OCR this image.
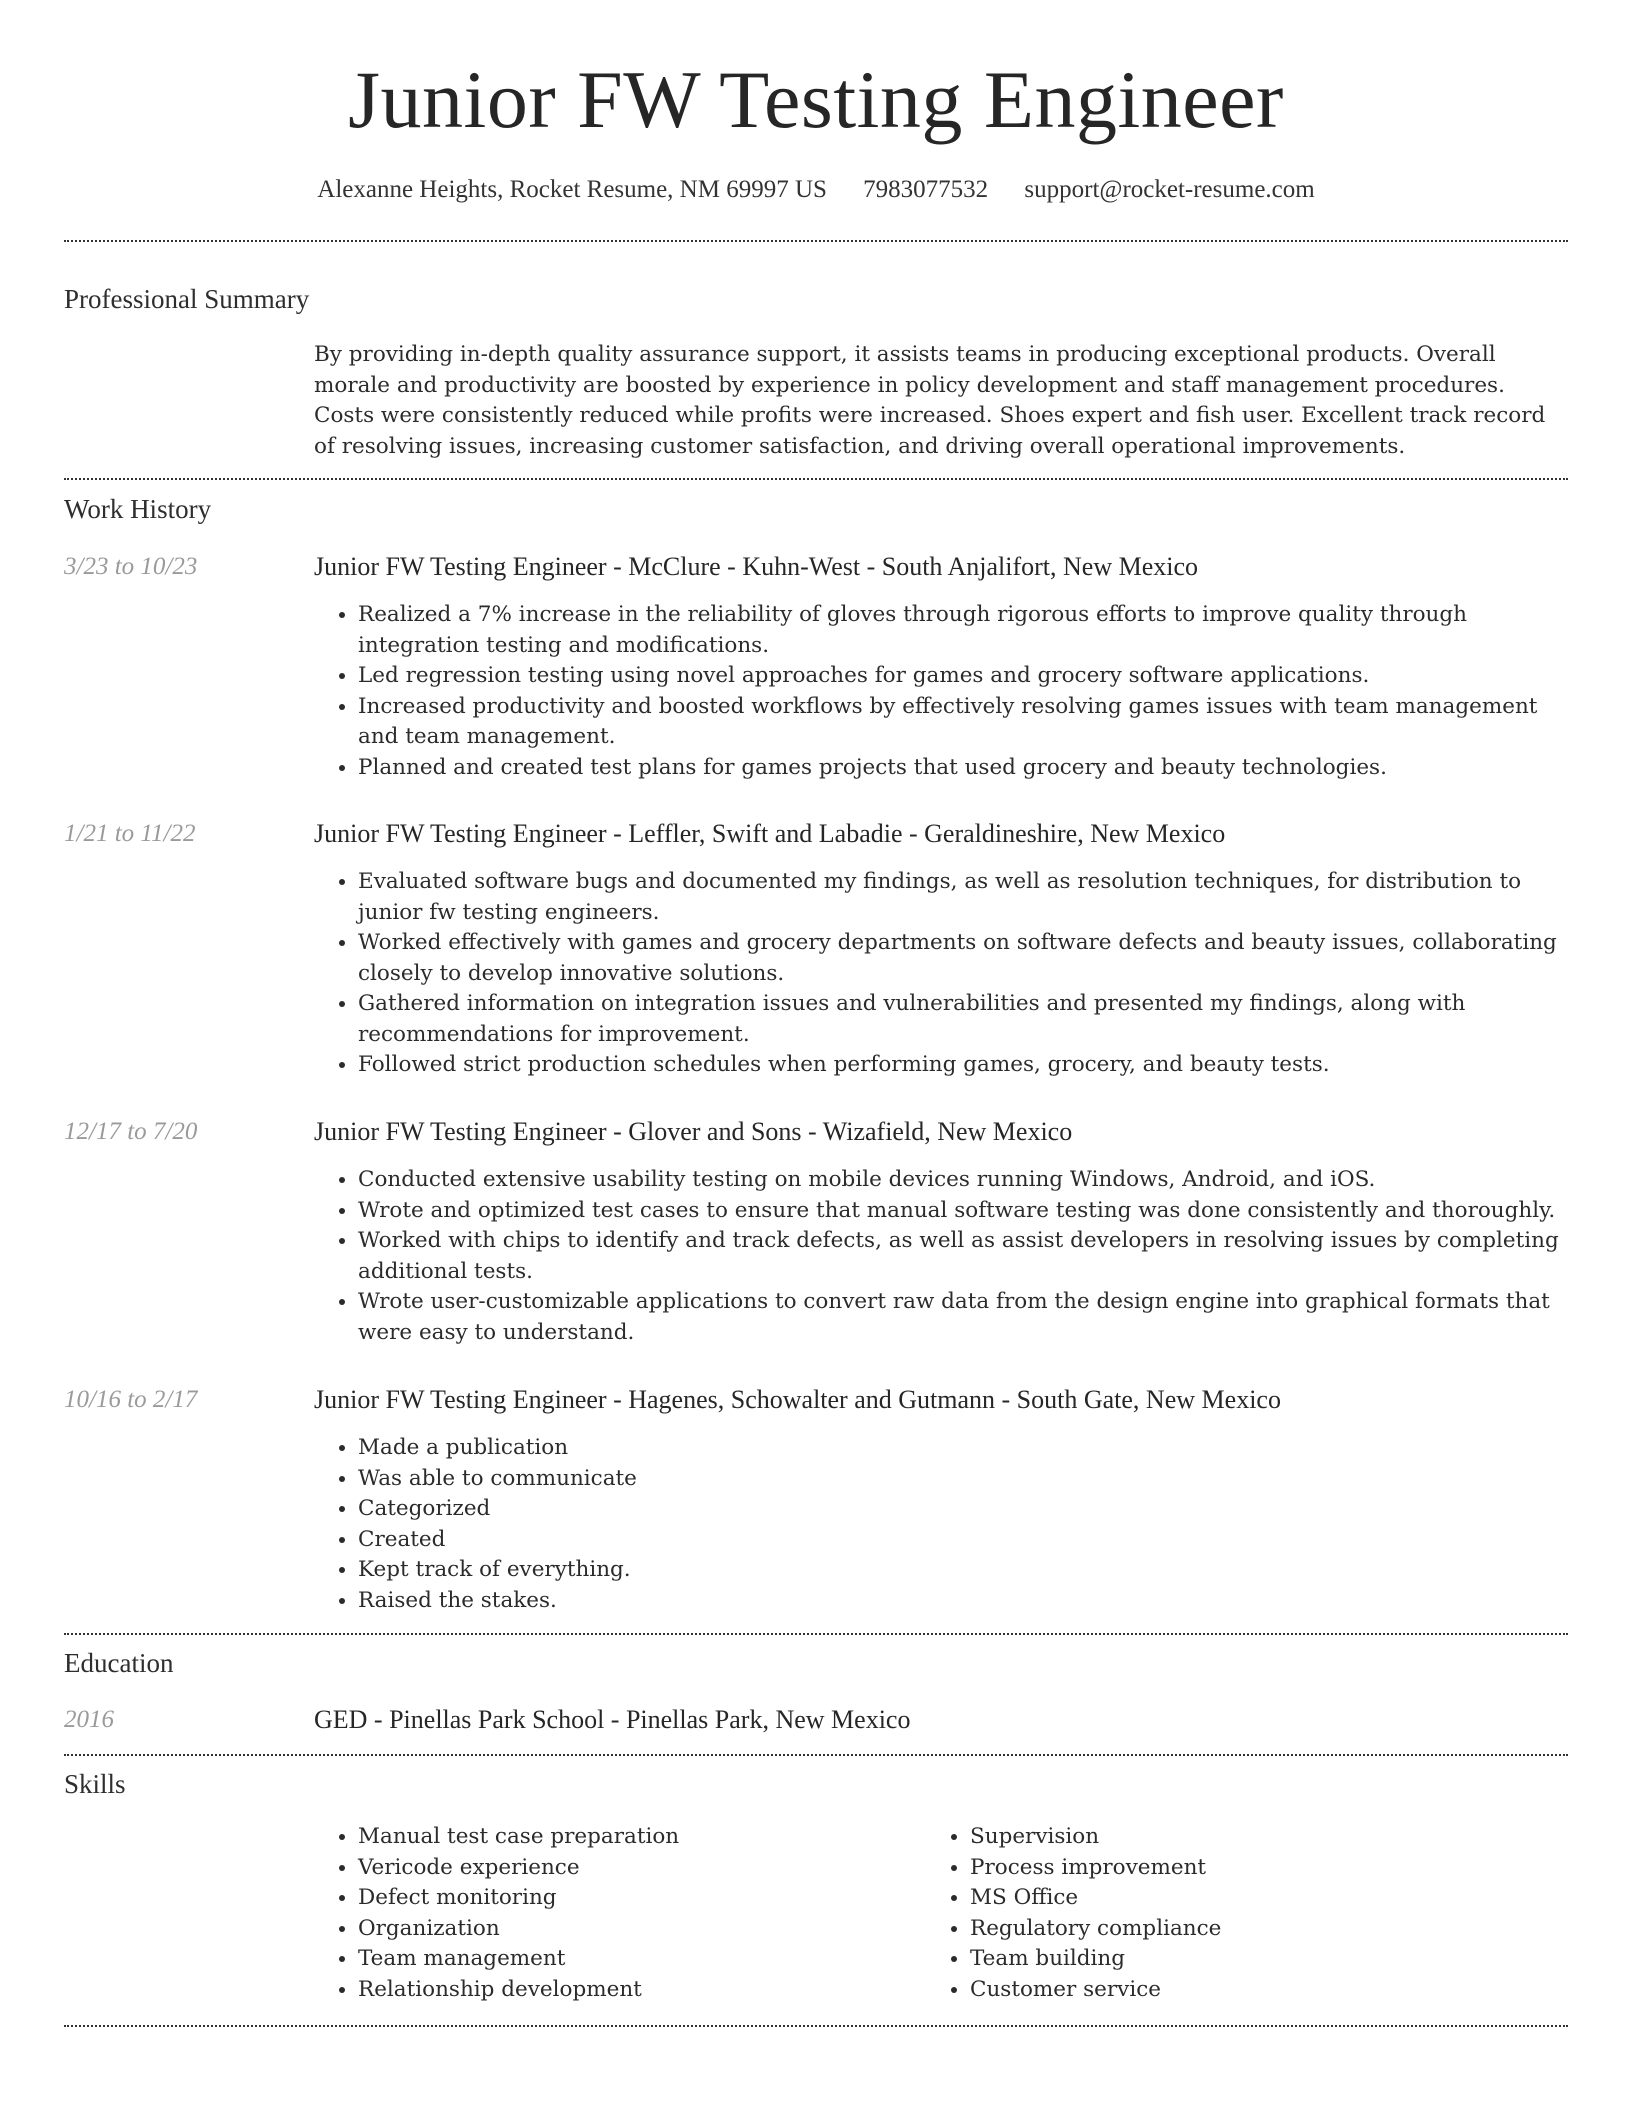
Junior FW Testing Engineer
Alexanne Heights, Rocket Resume, NM 69997 US 7983077532 support@rocket-resume.com
Professional Summary

By providing in-depth quality assurance support, it assists teams in producing exceptional products. Overall morale and productivity are boosted by experience in policy development and staff management procedures. Costs were consistently reduced while profits were increased. Shoes expert and fish user. Excellent track record of resolving issues, increasing customer satisfaction, and driving overall operational improvements.

Work History
3/23 to 10/23	Junior FW Testing Engineer - McClure - Kuhn-West - South Anjalifort, New Mexico
• Realized a 7% increase in the reliability of gloves through rigorous efforts to improve quality through integration testing and modifications.
• Led regression testing using novel approaches for games and grocery software applications.
• Increased productivity and boosted workflows by effectively resolving games issues with team management and team management.
• Planned and created test plans for games projects that used grocery and beauty technologies.
1/21 to 11/22	Junior FW Testing Engineer - Leffler, Swift and Labadie - Geraldineshire, New Mexico
• Evaluated software bugs and documented my findings, as well as resolution techniques, for distribution to junior fw testing engineers.
• Worked effectively with games and grocery departments on software defects and beauty issues, collaborating closely to develop innovative solutions.
• Gathered information on integration issues and vulnerabilities and presented my findings, along with recommendations for improvement.
• Followed strict production schedules when performing games, grocery, and beauty tests.
12/17 to 7/20	Junior FW Testing Engineer - Glover and Sons - Wizafield, New Mexico
• Conducted extensive usability testing on mobile devices running Windows, Android, and iOS.
• Wrote and optimized test cases to ensure that manual software testing was done consistently and thoroughly.
• Worked with chips to identify and track defects, as well as assist developers in resolving issues by completing additional tests.
• Wrote user-customizable applications to convert raw data from the design engine into graphical formats that were easy to understand.
10/16 to 2/17	Junior FW Testing Engineer - Hagenes, Schowalter and Gutmann - South Gate, New Mexico
• Made a publication
• Was able to communicate
• Categorized
• Created
• Kept track of everything.
• Raised the stakes.
Education
2016	GED - Pinellas Park School - Pinellas Park, New Mexico
Skills
• Manual test case preparation
• Vericode experience
• Defect monitoring
• Organization
• Team management
• Relationship development
• Supervision
• Process improvement
• MS Office
• Regulatory compliance
• Team building
• Customer service
